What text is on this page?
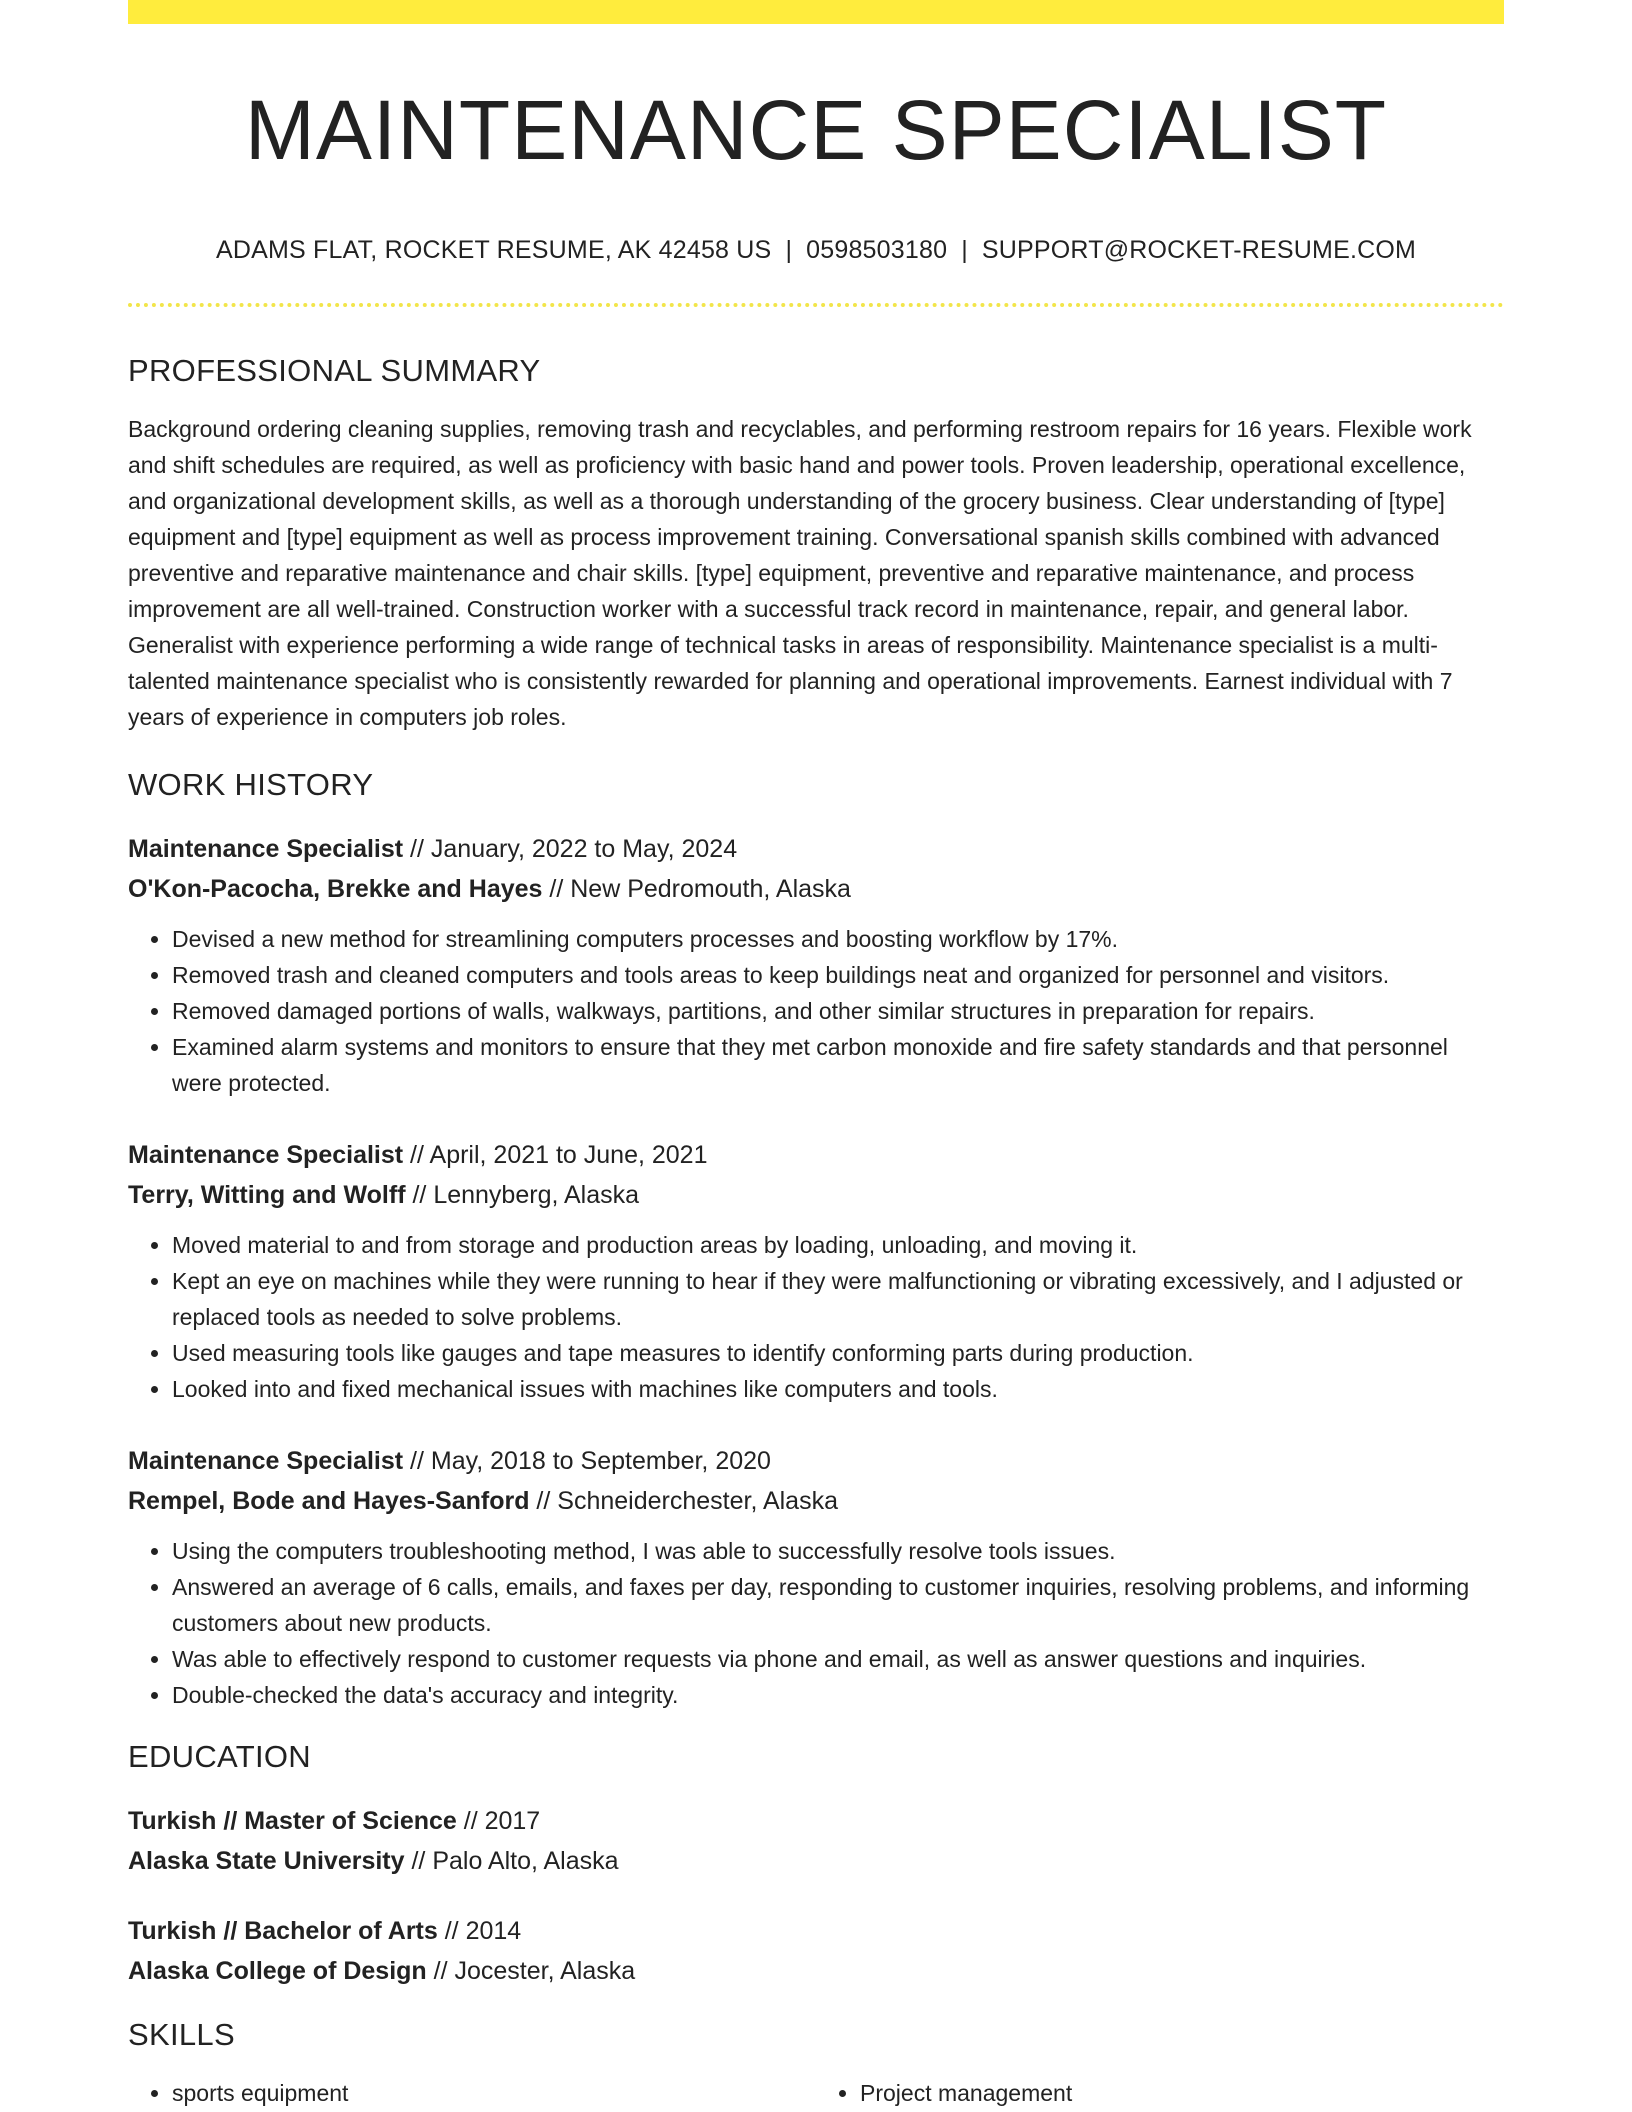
MAINTENANCE SPECIALIST
ADAMS FLAT, ROCKET RESUME, AK 42458 US | 0598503180 | SUPPORT@ROCKET-RESUME.COM
PROFESSIONAL SUMMARY

Background ordering cleaning supplies, removing trash and recyclables, and performing restroom repairs for 16 years. Flexible work and shift schedules are required, as well as proficiency with basic hand and power tools. Proven leadership, operational excellence, and organizational development skills, as well as a thorough understanding of the grocery business. Clear understanding of [type] equipment and [type] equipment as well as process improvement training. Conversational spanish skills combined with advanced preventive and reparative maintenance and chair skills. [type] equipment, preventive and reparative maintenance, and process improvement are all well-trained. Construction worker with a successful track record in maintenance, repair, and general labor. Generalist with experience performing a wide range of technical tasks in areas of responsibility. Maintenance specialist is a multi-talented maintenance specialist who is consistently rewarded for planning and operational improvements. Earnest individual with 7 years of experience in computers job roles.

WORK HISTORY
Maintenance Specialist // January, 2022 to May, 2024
O'Kon-Pacocha, Brekke and Hayes // New Pedromouth, Alaska
• Devised a new method for streamlining computers processes and boosting workflow by 17%.
• Removed trash and cleaned computers and tools areas to keep buildings neat and organized for personnel and visitors.
• Removed damaged portions of walls, walkways, partitions, and other similar structures in preparation for repairs.
• Examined alarm systems and monitors to ensure that they met carbon monoxide and fire safety standards and that personnel were protected.
Maintenance Specialist // April, 2021 to June, 2021
Terry, Witting and Wolff // Lennyberg, Alaska
• Moved material to and from storage and production areas by loading, unloading, and moving it.
• Kept an eye on machines while they were running to hear if they were malfunctioning or vibrating excessively, and I adjusted or replaced tools as needed to solve problems.
• Used measuring tools like gauges and tape measures to identify conforming parts during production.
• Looked into and fixed mechanical issues with machines like computers and tools.
Maintenance Specialist // May, 2018 to September, 2020
Rempel, Bode and Hayes-Sanford // Schneiderchester, Alaska
• Using the computers troubleshooting method, I was able to successfully resolve tools issues.
• Answered an average of 6 calls, emails, and faxes per day, responding to customer inquiries, resolving problems, and informing customers about new products.
• Was able to effectively respond to customer requests via phone and email, as well as answer questions and inquiries.
• Double-checked the data's accuracy and integrity.
EDUCATION
Turkish // Master of Science // 2017
Alaska State University // Palo Alto, Alaska
Turkish // Bachelor of Arts // 2014
Alaska College of Design // Jocester, Alaska
SKILLS
• sports equipment
•	Project management
